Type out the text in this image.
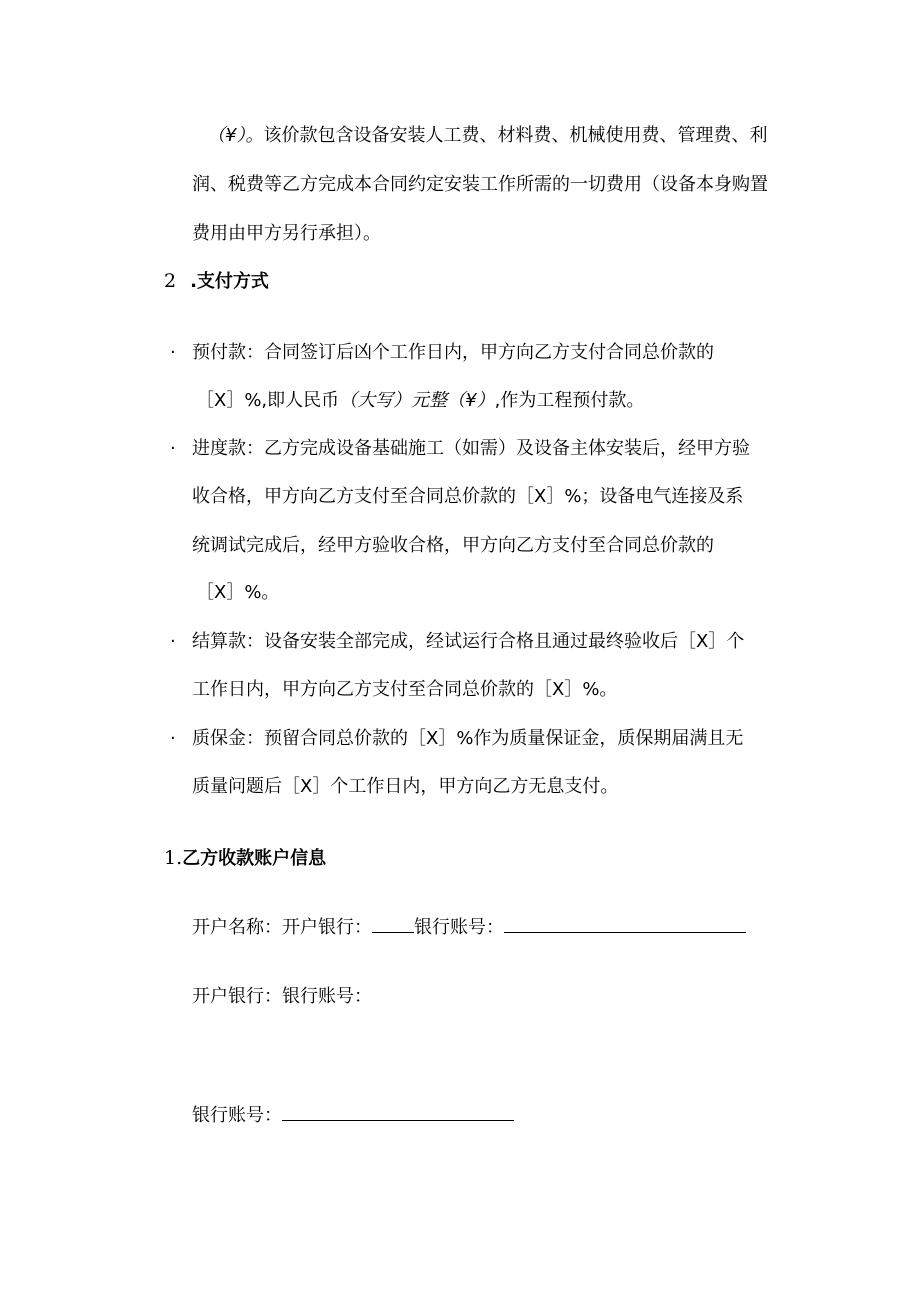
（¥）。该价款包含设备安装人工费、材料费、机械使用费、管理费、利
润、税费等乙方完成本合同约定安装工作所需的一切费用（设备本身购置
费用由甲方另行承担）。
2 .支付方式
· 预付款：合同签订后凶个工作日内，甲方向乙方支付合同总价款的
［X］%,即人民币（大写）元整（¥）,作为工程预付款。
· 进度款：乙方完成设备基础施工（如需）及设备主体安装后，经甲方验
收合格，甲方向乙方支付至合同总价款的［X］%；设备电气连接及系
统调试完成后，经甲方验收合格，甲方向乙方支付至合同总价款的
［X］%。
· 结算款：设备安装全部完成，经试运行合格且通过最终验收后［X］个
工作日内，甲方向乙方支付至合同总价款的［X］%。
· 质保金：预留合同总价款的［X］%作为质量保证金，质保期届满且无
质量问题后［X］个工作日内，甲方向乙方无息支付。
1.乙方收款账户信息
开户名称：开户银行： 银行账号：
开户银行：银行账号：
银行账号：
